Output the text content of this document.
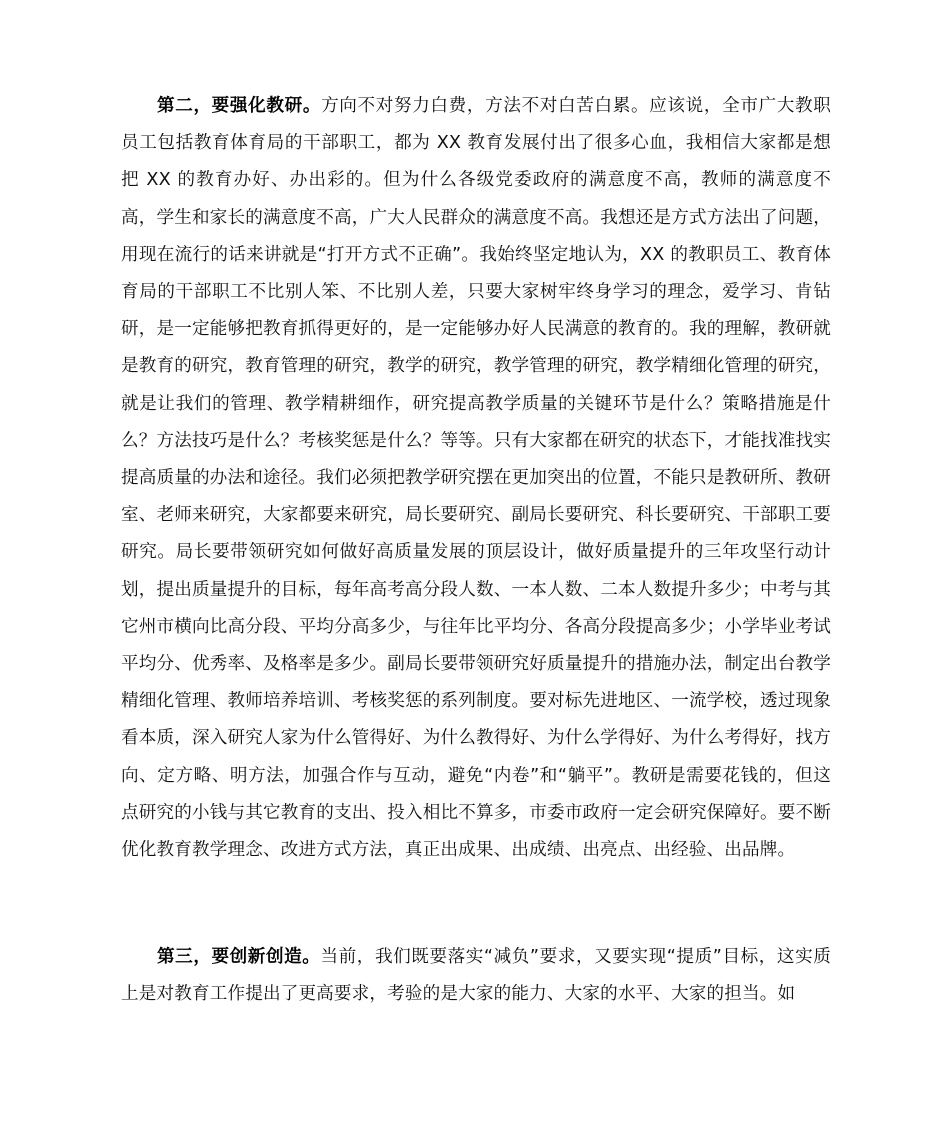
第二，要强化教研。方向不对努力白费，方法不对白苦白累。应该说，全市广大教职员工包括教育体育局的干部职工，都为 XX 教育发展付出了很多心血，我相信大家都是想把 XX 的教育办好、办出彩的。但为什么各级党委政府的满意度不高，教师的满意度不高，学生和家长的满意度不高，广大人民群众的满意度不高。我想还是方式方法出了问题，用现在流行的话来讲就是“打开方式不正确”。我始终坚定地认为，XX 的教职员工、教育体育局的干部职工不比别人笨、不比别人差，只要大家树牢终身学习的理念，爱学习、肯钻研，是一定能够把教育抓得更好的，是一定能够办好人民满意的教育的。我的理解，教研就是教育的研究，教育管理的研究，教学的研究，教学管理的研究，教学精细化管理的研究，就是让我们的管理、教学精耕细作，研究提高教学质量的关键环节是什么？策略措施是什么？方法技巧是什么？考核奖惩是什么？等等。只有大家都在研究的状态下，才能找准找实提高质量的办法和途径。我们必须把教学研究摆在更加突出的位置，不能只是教研所、教研室、老师来研究，大家都要来研究，局长要研究、副局长要研究、科长要研究、干部职工要研究。局长要带领研究如何做好高质量发展的顶层设计，做好质量提升的三年攻坚行动计划，提出质量提升的目标，每年高考高分段人数、一本人数、二本人数提升多少；中考与其它州市横向比高分段、平均分高多少，与往年比平均分、各高分段提高多少；小学毕业考试平均分、优秀率、及格率是多少。副局长要带领研究好质量提升的措施办法，制定出台教学精细化管理、教师培养培训、考核奖惩的系列制度。要对标先进地区、一流学校，透过现象看本质，深入研究人家为什么管得好、为什么教得好、为什么学得好、为什么考得好，找方向、定方略、明方法，加强合作与互动，避免“内卷”和“躺平”。教研是需要花钱的，但这点研究的小钱与其它教育的支出、投入相比不算多，市委市政府一定会研究保障好。要不断优化教育教学理念、改进方式方法，真正出成果、出成绩、出亮点、出经验、出品牌。

第三，要创新创造。当前，我们既要落实“减负”要求，又要实现“提质”目标，这实质上是对教育工作提出了更高要求，考验的是大家的能力、大家的水平、大家的担当。如
